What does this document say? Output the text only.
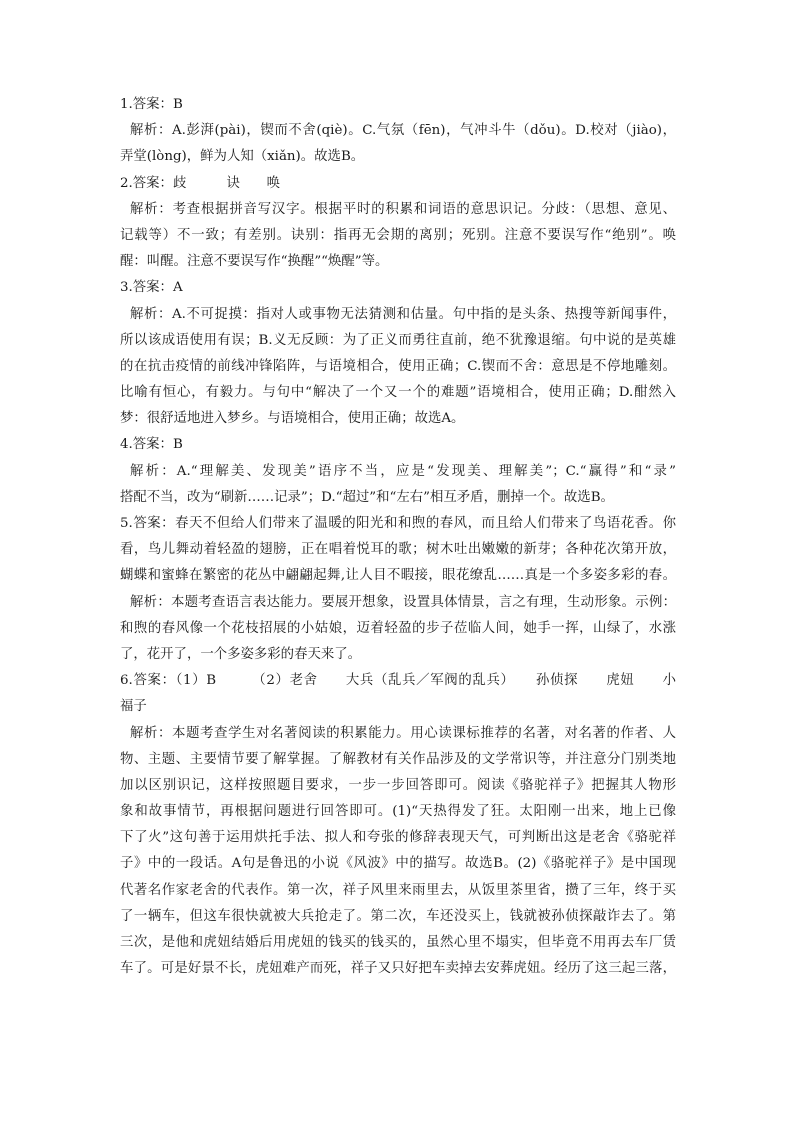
1.答案：B
解析：A.彭湃(pài)，锲而不舍(qiè)。C.气氛（fēn)，气冲斗牛（dǒu)。D.校对（jiào)，
弄堂(lòng)，鲜为人知（xiǎn)。故选B。
2.答案：歧　　　诀　　唤
解析：考查根据拼音写汉字。根据平时的积累和词语的意思识记。分歧：（思想、意见、
记载等）不一致；有差别。诀别：指再无会期的离别；死别。注意不要误写作“绝别”。唤
醒：叫醒。注意不要误写作“换醒”“焕醒”等。
3.答案：A
解析：A.不可捉摸：指对人或事物无法猜测和估量。句中指的是头条、热搜等新闻事件，
所以该成语使用有误；B.义无反顾：为了正义而勇往直前，绝不犹豫退缩。句中说的是英雄
的在抗击疫情的前线冲锋陷阵，与语境相合，使用正确；C.锲而不舍：意思是不停地雕刻。
比喻有恒心，有毅力。与句中“解决了一个又一个的难题”语境相合，使用正确；D.酣然入
梦：很舒适地进入梦乡。与语境相合，使用正确；故选A。
4.答案：B
解析：A.“理解美、发现美”语序不当，应是“发现美、理解美”；C.“赢得”和“录”
搭配不当，改为“刷新……记录”；D.“超过”和“左右”相互矛盾，删掉一个。故选B。
5.答案：春天不但给人们带来了温暖的阳光和和煦的春风，而且给人们带来了鸟语花香。你
看，鸟儿舞动着轻盈的翅膀，正在唱着悦耳的歌；树木吐出嫩嫩的新芽；各种花次第开放，
蝴蝶和蜜蜂在繁密的花丛中翩翩起舞,让人目不暇接，眼花缭乱……真是一个多姿多彩的春。
解析：本题考查语言表达能力。要展开想象，设置具体情景，言之有理，生动形象。示例：
和煦的春风像一个花枝招展的小姑娘，迈着轻盈的步子莅临人间，她手一挥，山绿了，水涨
了，花开了，一个多姿多彩的春天来了。
6.答案：（1）B　　　（2）老舍　　大兵（乱兵／军阀的乱兵）　　孙侦探　　虎妞　　小
福子
解析：本题考查学生对名著阅读的积累能力。用心读课标推荐的名著，对名著的作者、人
物、主题、主要情节要了解掌握。了解教材有关作品涉及的文学常识等，并注意分门别类地
加以区别识记，这样按照题目要求，一步一步回答即可。阅读《骆驼祥子》把握其人物形
象和故事情节，再根据问题进行回答即可。(1)“天热得发了狂。太阳刚一出来，地上已像
下了火”这句善于运用烘托手法、拟人和夸张的修辞表现天气，可判断出这是老舍《骆驼祥
子》中的一段话。A句是鲁迅的小说《风波》中的描写。故选B。(2)《骆驼祥子》是中国现
代著名作家老舍的代表作。第一次，祥子风里来雨里去，从饭里茶里省，攒了三年，终于买
了一辆车，但这车很快就被大兵抢走了。第二次，车还没买上，钱就被孙侦探敲诈去了。第
三次，是他和虎妞结婚后用虎妞的钱买的钱买的，虽然心里不塌实，但毕竟不用再去车厂赁
车了。可是好景不长，虎妞难产而死，祥子又只好把车卖掉去安葬虎妞。经历了这三起三落，
